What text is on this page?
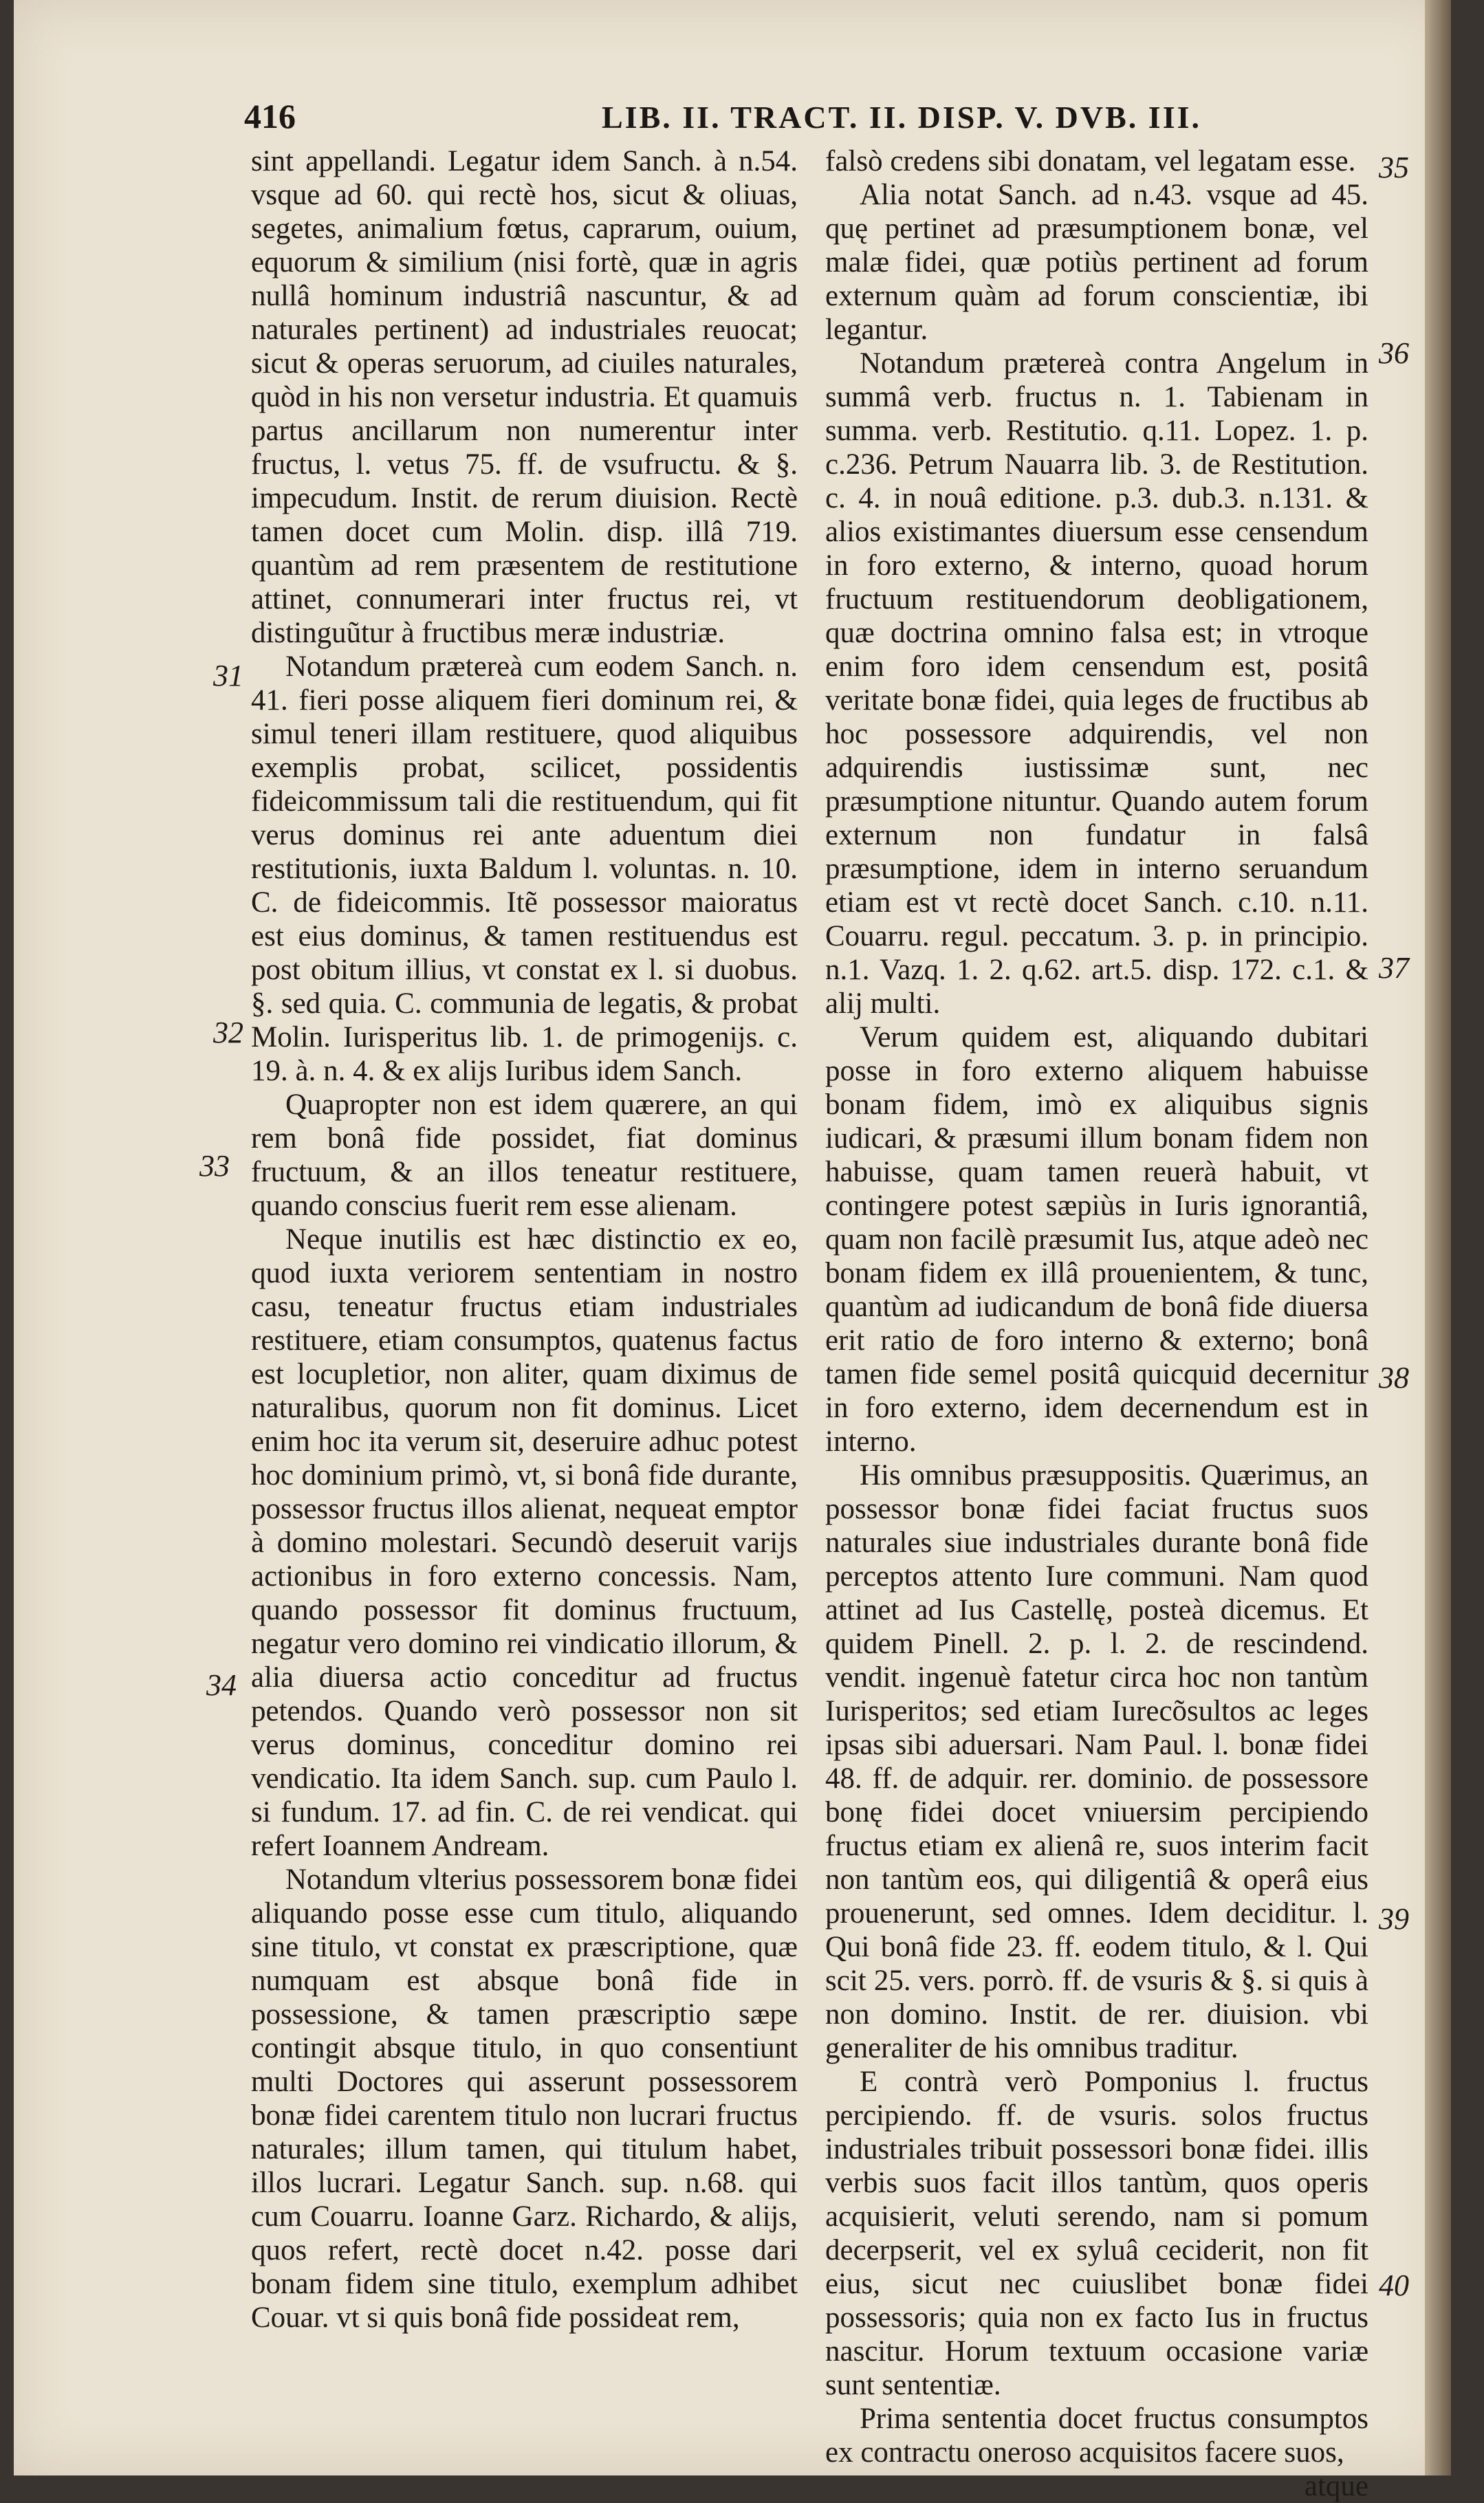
416	LIB. II. TRACT. II. DISP. V. DVB. III.
31
32
33
34
35
36
37
38
39
40

sint appellandi. Legatur idem Sanch. à n.54. vsque ad 60. qui rectè hos, sicut & oliuas, segetes, animalium fœtus, caprarum, ouium, equorum & similium (nisi fortè, quæ in agris nullâ hominum industriâ nascuntur, & ad naturales pertinent) ad industriales reuocat; sicut & operas seruorum, ad ciuiles naturales, quòd in his non versetur industria. Et quamuis partus ancillarum non numerentur inter fructus, l. vetus 75. ff. de vsufructu. & §. impecudum. Instit. de rerum diuision. Rectè tamen docet cum Molin. disp. illâ 719. quantùm ad rem præsentem de restitutione attinet, connumerari inter fructus rei, vt distinguũtur à fructibus meræ industriæ.

Notandum prætereà cum eodem Sanch. n. 41. fieri posse aliquem fieri dominum rei, & simul teneri illam restituere, quod aliquibus exemplis probat, scilicet, possidentis fideicommissum tali die restituendum, qui fit verus dominus rei ante aduentum diei restitutionis, iuxta Baldum l. voluntas. n. 10. C. de fideicommis. Itẽ possessor maioratus est eius dominus, & tamen restituendus est post obitum illius, vt constat ex l. si duobus. §. sed quia. C. communia de legatis, & probat Molin. Iurisperitus lib. 1. de primogenijs. c. 19. à. n. 4. & ex alijs Iuribus idem Sanch.

Quapropter non est idem quærere, an qui rem bonâ fide possidet, fiat dominus fructuum, & an illos teneatur restituere, quando conscius fuerit rem esse alienam.

Neque inutilis est hæc distinctio ex eo, quod iuxta veriorem sententiam in nostro casu, teneatur fructus etiam industriales restituere, etiam consumptos, quatenus factus est locupletior, non aliter, quam diximus de naturalibus, quorum non fit dominus. Licet enim hoc ita verum sit, deseruire adhuc potest hoc dominium primò, vt, si bonâ fide durante, possessor fructus illos alienat, nequeat emptor à domino molestari. Secundò deseruit varijs actionibus in foro externo concessis. Nam, quando possessor fit dominus fructuum, negatur vero domino rei vindicatio illorum, & alia diuersa actio conceditur ad fructus petendos. Quando verò possessor non sit verus dominus, conceditur domino rei vendicatio. Ita idem Sanch. sup. cum Paulo l. si fundum. 17. ad fin. C. de rei vendicat. qui refert Ioannem Andream.

Notandum vlterius possessorem bonæ fidei aliquando posse esse cum titulo, aliquando sine titulo, vt constat ex præscriptione, quæ numquam est absque bonâ fide in possessione, & tamen præscriptio sæpe contingit absque titulo, in quo consentiunt multi Doctores qui asserunt possessorem bonæ fidei carentem titulo non lucrari fructus naturales; illum tamen, qui titulum habet, illos lucrari. Legatur Sanch. sup. n.68. qui cum Couarru. Ioanne Garz. Richardo, & alijs, quos refert, rectè docet n.42. posse dari bonam fidem sine titulo, exemplum adhibet Couar. vt si quis bonâ fide possideat rem,

falsò credens sibi donatam, vel legatam esse.

Alia notat Sanch. ad n.43. vsque ad 45. quę pertinet ad præsumptionem bonæ, vel malæ fidei, quæ potiùs pertinent ad forum externum quàm ad forum conscientiæ, ibi legantur.

Notandum prætereà contra Angelum in summâ verb. fructus n. 1. Tabienam in summa. verb. Restitutio. q.11. Lopez. 1. p. c.236. Petrum Nauarra lib. 3. de Restitution. c. 4. in nouâ editione. p.3. dub.3. n.131. & alios existimantes diuersum esse censendum in foro externo, & interno, quoad horum fructuum restituendorum deobligationem, quæ doctrina omnino falsa est; in vtroque enim foro idem censendum est, positâ veritate bonæ fidei, quia leges de fructibus ab hoc possessore adquirendis, vel non adquirendis iustissimæ sunt, nec præsumptione nituntur. Quando autem forum externum non fundatur in falsâ præsumptione, idem in interno seruandum etiam est vt rectè docet Sanch. c.10. n.11. Couarru. regul. peccatum. 3. p. in principio. n.1. Vazq. 1. 2. q.62. art.5. disp. 172. c.1. & alij multi.

Verum quidem est, aliquando dubitari posse in foro externo aliquem habuisse bonam fidem, imò ex aliquibus signis iudicari, & præsumi illum bonam fidem non habuisse, quam tamen reuerà habuit, vt contingere potest sæpiùs in Iuris ignorantiâ, quam non facilè præsumit Ius, atque adeò nec bonam fidem ex illâ prouenientem, & tunc, quantùm ad iudicandum de bonâ fide diuersa erit ratio de foro interno & externo; bonâ tamen fide semel positâ quicquid decernitur in foro externo, idem decernendum est in interno.

His omnibus præsuppositis. Quærimus, an possessor bonæ fidei faciat fructus suos naturales siue industriales durante bonâ fide perceptos attento Iure communi. Nam quod attinet ad Ius Castellę, posteà dicemus. Et quidem Pinell. 2. p. l. 2. de rescindend. vendit. ingenuè fatetur circa hoc non tantùm Iurisperitos; sed etiam Iurecõsultos ac leges ipsas sibi aduersari. Nam Paul. l. bonæ fidei 48. ff. de adquir. rer. dominio. de possessore bonę fidei docet vniuersim percipiendo fructus etiam ex alienâ re, suos interim facit non tantùm eos, qui diligentiâ & operâ eius prouenerunt, sed omnes. Idem deciditur. l. Qui bonâ fide 23. ff. eodem titulo, & l. Qui scit 25. vers. porrò. ff. de vsuris & §. si quis à non domino. Instit. de rer. diuision. vbi generaliter de his omnibus traditur.

E contrà verò Pomponius l. fructus percipiendo. ff. de vsuris. solos fructus industriales tribuit possessori bonæ fidei. illis verbis suos facit illos tantùm, quos operis acquisierit, veluti serendo, nam si pomum decerpserit, vel ex syluâ ceciderit, non fit eius, sicut nec cuiuslibet bonæ fidei possessoris; quia non ex facto Ius in fructus nascitur. Horum textuum occasione variæ sunt sententiæ.

Prima sententia docet fructus consumptos ex contractu oneroso acquisitos facere suos,

atque
